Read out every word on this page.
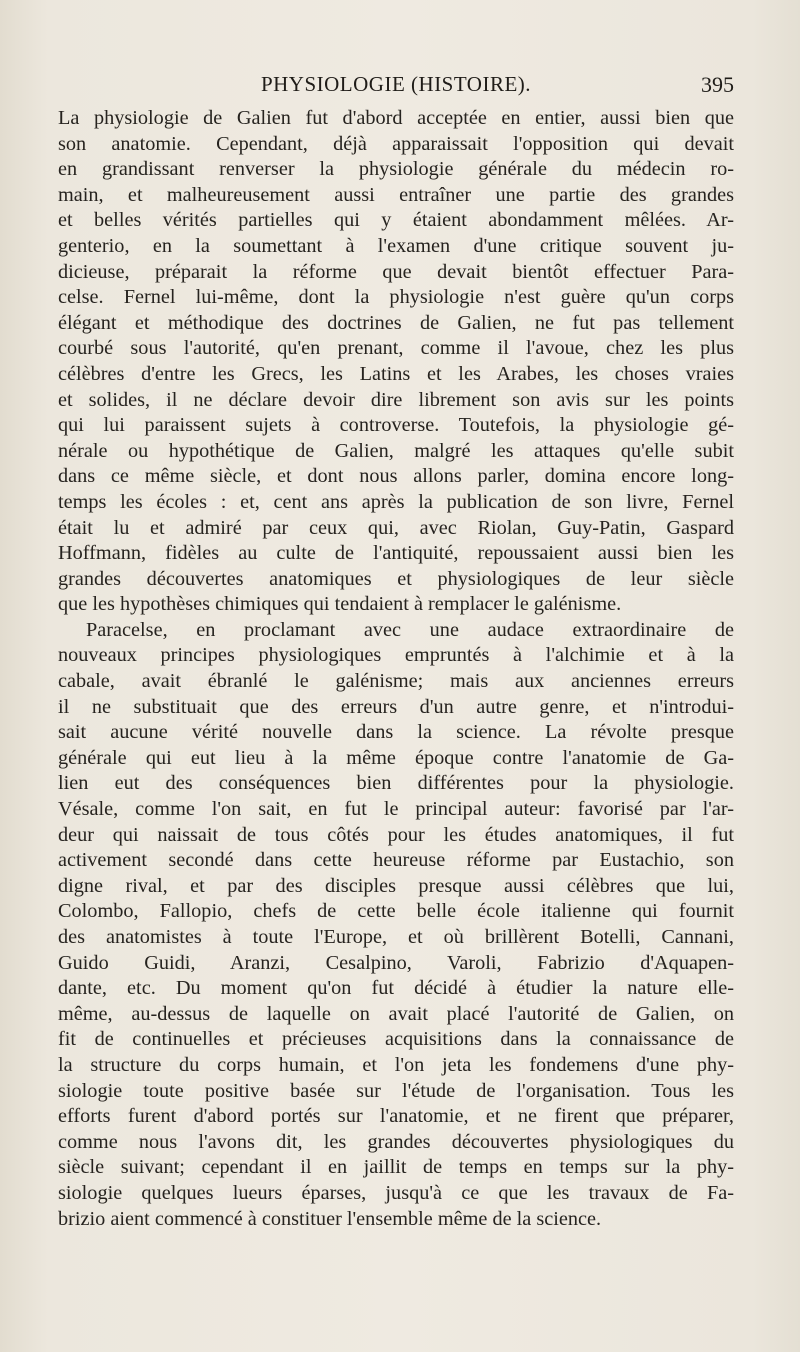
PHYSIOLOGIE (HISTOIRE).	395
La physiologie de Galien fut d'abord acceptée en entier, aussi bien que
son anatomie. Cependant, déjà apparaissait l'opposition qui devait
en grandissant renverser la physiologie générale du médecin ro-
main, et malheureusement aussi entraîner une partie des grandes
et belles vérités partielles qui y étaient abondamment mêlées. Ar-
genterio, en la soumettant à l'examen d'une critique souvent ju-
dicieuse, préparait la réforme que devait bientôt effectuer Para-
celse. Fernel lui-même, dont la physiologie n'est guère qu'un corps
élégant et méthodique des doctrines de Galien, ne fut pas tellement
courbé sous l'autorité, qu'en prenant, comme il l'avoue, chez les plus
célèbres d'entre les Grecs, les Latins et les Arabes, les choses vraies
et solides, il ne déclare devoir dire librement son avis sur les points
qui lui paraissent sujets à controverse. Toutefois, la physiologie gé-
nérale ou hypothétique de Galien, malgré les attaques qu'elle subit
dans ce même siècle, et dont nous allons parler, domina encore long-
temps les écoles : et, cent ans après la publication de son livre, Fernel
était lu et admiré par ceux qui, avec Riolan, Guy-Patin, Gaspard
Hoffmann, fidèles au culte de l'antiquité, repoussaient aussi bien les
grandes découvertes anatomiques et physiologiques de leur siècle
que les hypothèses chimiques qui tendaient à remplacer le galénisme.
Paracelse, en proclamant avec une audace extraordinaire de
nouveaux principes physiologiques empruntés à l'alchimie et à la
cabale, avait ébranlé le galénisme; mais aux anciennes erreurs
il ne substituait que des erreurs d'un autre genre, et n'introdui-
sait aucune vérité nouvelle dans la science. La révolte presque
générale qui eut lieu à la même époque contre l'anatomie de Ga-
lien eut des conséquences bien différentes pour la physiologie.
Vésale, comme l'on sait, en fut le principal auteur: favorisé par l'ar-
deur qui naissait de tous côtés pour les études anatomiques, il fut
activement secondé dans cette heureuse réforme par Eustachio, son
digne rival, et par des disciples presque aussi célèbres que lui,
Colombo, Fallopio, chefs de cette belle école italienne qui fournit
des anatomistes à toute l'Europe, et où brillèrent Botelli, Cannani,
Guido Guidi, Aranzi, Cesalpino, Varoli, Fabrizio d'Aquapen-
dante, etc. Du moment qu'on fut décidé à étudier la nature elle-
même, au-dessus de laquelle on avait placé l'autorité de Galien, on
fit de continuelles et précieuses acquisitions dans la connaissance de
la structure du corps humain, et l'on jeta les fondemens d'une phy-
siologie toute positive basée sur l'étude de l'organisation. Tous les
efforts furent d'abord portés sur l'anatomie, et ne firent que préparer,
comme nous l'avons dit, les grandes découvertes physiologiques du
siècle suivant; cependant il en jaillit de temps en temps sur la phy-
siologie quelques lueurs éparses, jusqu'à ce que les travaux de Fa-
brizio aient commencé à constituer l'ensemble même de la science.
